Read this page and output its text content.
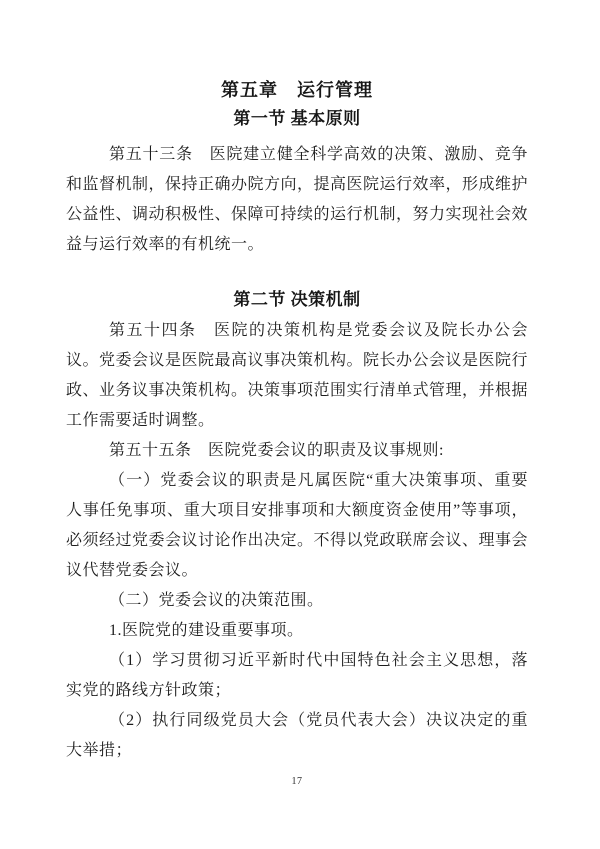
第五章　运行管理
第一节 基本原则

第五十三条　医院建立健全科学高效的决策、激励、竞争和监督机制，保持正确办院方向，提高医院运行效率，形成维护公益性、调动积极性、保障可持续的运行机制，努力实现社会效益与运行效率的有机统一。

第二节 决策机制

第五十四条　医院的决策机构是党委会议及院长办公会议。党委会议是医院最高议事决策机构。院长办公会议是医院行政、业务议事决策机构。决策事项范围实行清单式管理，并根据工作需要适时调整。

第五十五条　医院党委会议的职责及议事规则:

（一）党委会议的职责是凡属医院“重大决策事项、重要人事任免事项、重大项目安排事项和大额度资金使用”等事项，必须经过党委会议讨论作出决定。不得以党政联席会议、理事会议代替党委会议。

（二）党委会议的决策范围。

1.医院党的建设重要事项。

（1）学习贯彻习近平新时代中国特色社会主义思想，落实党的路线方针政策；

（2）执行同级党员大会（党员代表大会）决议决定的重大举措；

17
